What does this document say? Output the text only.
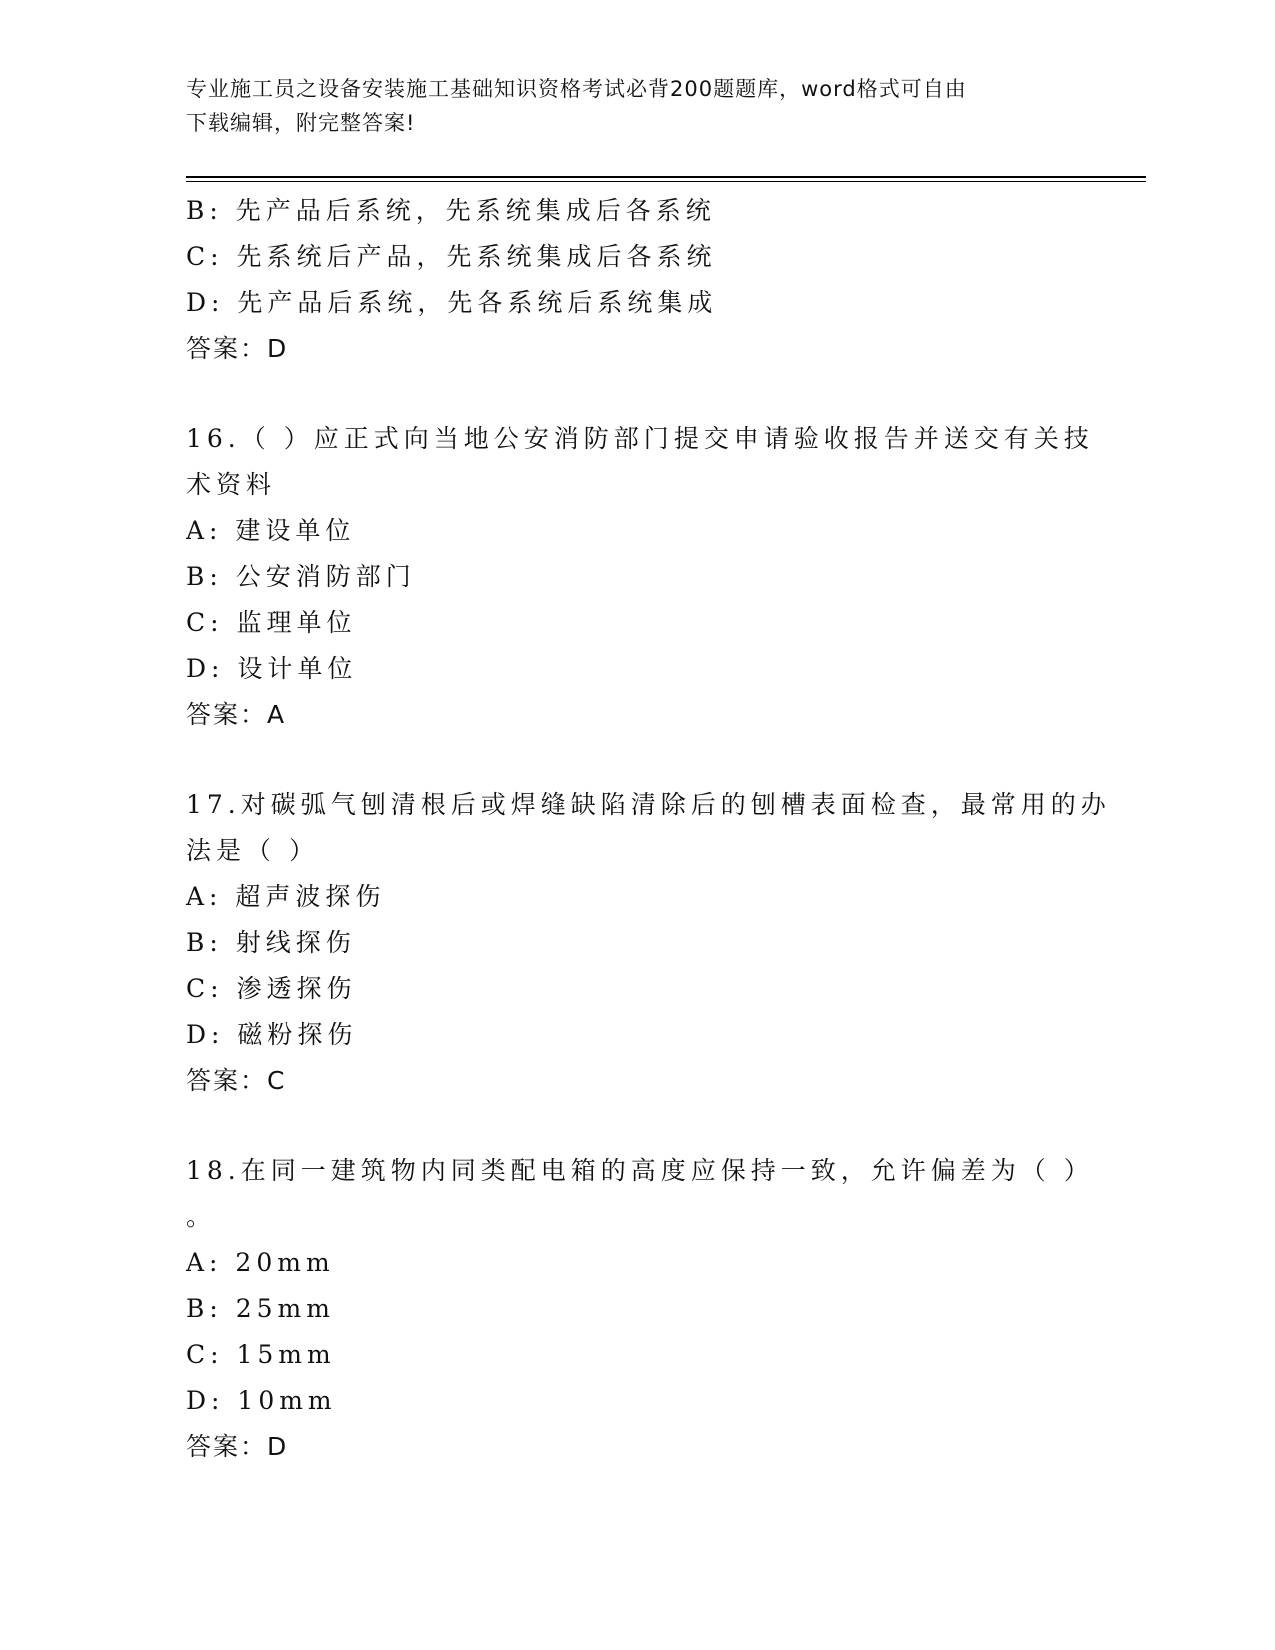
专业施工员之设备安装施工基础知识资格考试必背200题题库，word格式可自由
下载编辑，附完整答案!
B: 先产品后系统，先系统集成后各系统
C: 先系统后产品，先系统集成后各系统
D: 先产品后系统，先各系统后系统集成
答案：D
16.（ ）应正式向当地公安消防部门提交申请验收报告并送交有关技
术资料
A: 建设单位
B: 公安消防部门
C: 监理单位
D: 设计单位
答案：A
17.对碳弧气刨清根后或焊缝缺陷清除后的刨槽表面检查，最常用的办
法是（ ）
A: 超声波探伤
B: 射线探伤
C: 渗透探伤
D: 磁粉探伤
答案：C
18.在同一建筑物内同类配电箱的高度应保持一致，允许偏差为（ ）
。
A: 20mm
B: 25mm
C: 15mm
D: 10mm
答案：D
